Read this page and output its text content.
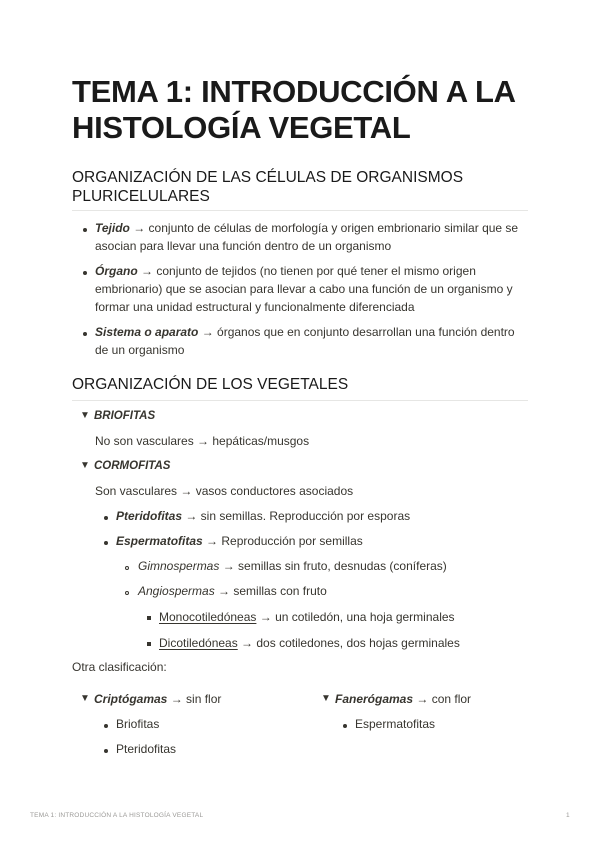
TEMA 1: INTRODUCCIÓN A LA HISTOLOGÍA VEGETAL
ORGANIZACIÓN DE LAS CÉLULAS DE ORGANISMOS PLURICELULARES
Tejido → conjunto de células de morfología y origen embrionario similar que se asocian para llevar una función dentro de un organismo
Órgano → conjunto de tejidos (no tienen por qué tener el mismo origen embrionario) que se asocian para llevar a cabo una función de un organismo y formar una unidad estructural y funcionalmente diferenciada
Sistema o aparato → órganos que en conjunto desarrollan una función dentro de un organismo
ORGANIZACIÓN DE LOS VEGETALES
▼ BRIOFITAS
No son vasculares → hepáticas/musgos
▼ CORMOFITAS
Son vasculares → vasos conductores asociados
Pteridofitas → sin semillas. Reproducción por esporas
Espermatofitas → Reproducción por semillas
Gimnospermas → semillas sin fruto, desnudas (coníferas)
Angiospermas → semillas con fruto
Monocotiledóneas → un cotiledón, una hoja germinales
Dicotiledóneas → dos cotiledones, dos hojas germinales
Otra clasificación:
▼ Criptógamas → sin flor
Briofitas
Pteridofitas
▼ Fanerógamas → con flor
Espermatofitas
TEMA 1: INTRODUCCIÓN A LA HISTOLOGÍA VEGETAL	1
